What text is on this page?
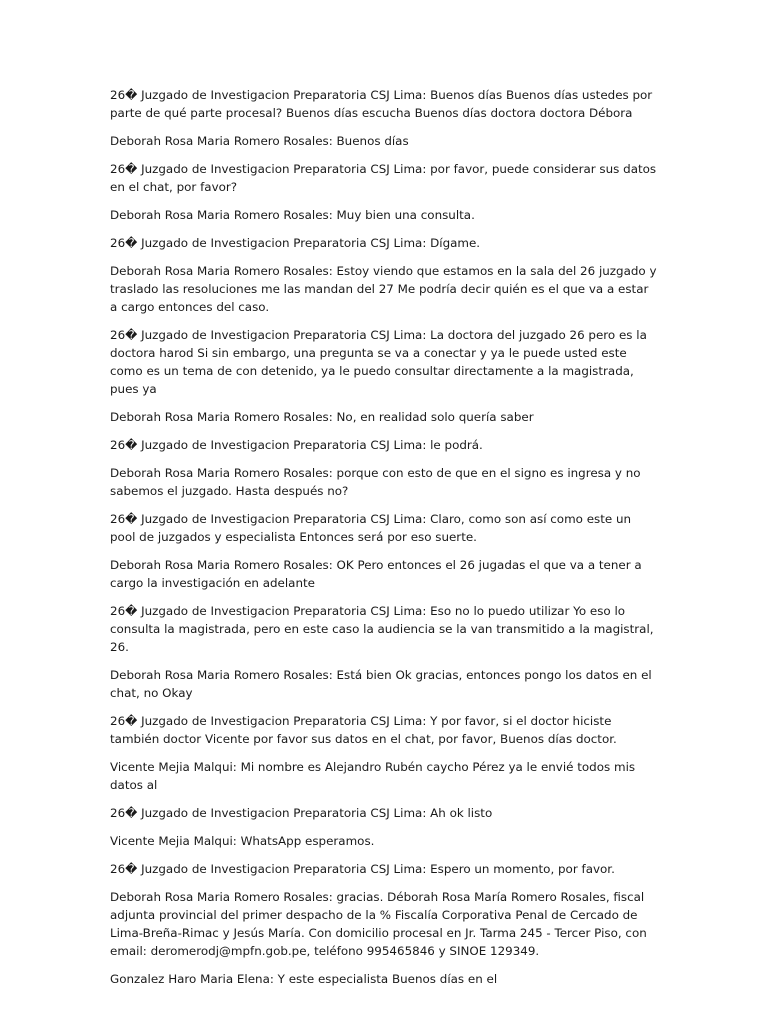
26� Juzgado de Investigacion Preparatoria CSJ Lima: Buenos días Buenos días ustedes por parte de qué parte procesal? Buenos días escucha Buenos días doctora doctora Débora

Deborah Rosa Maria Romero Rosales: Buenos días

26� Juzgado de Investigacion Preparatoria CSJ Lima: por favor, puede considerar sus datos en el chat, por favor?

Deborah Rosa Maria Romero Rosales: Muy bien una consulta.

26� Juzgado de Investigacion Preparatoria CSJ Lima: Dígame.

Deborah Rosa Maria Romero Rosales: Estoy viendo que estamos en la sala del 26 juzgado y traslado las resoluciones me las mandan del 27 Me podría decir quién es el que va a estar a cargo entonces del caso.

26� Juzgado de Investigacion Preparatoria CSJ Lima: La doctora del juzgado 26 pero es la doctora harod Si sin embargo, una pregunta se va a conectar y ya le puede usted este como es un tema de con detenido, ya le puedo consultar directamente a la magistrada, pues ya

Deborah Rosa Maria Romero Rosales: No, en realidad solo quería saber

26� Juzgado de Investigacion Preparatoria CSJ Lima: le podrá.

Deborah Rosa Maria Romero Rosales: porque con esto de que en el signo es ingresa y no sabemos el juzgado. Hasta después no?

26� Juzgado de Investigacion Preparatoria CSJ Lima: Claro, como son así como este un pool de juzgados y especialista Entonces será por eso suerte.

Deborah Rosa Maria Romero Rosales: OK Pero entonces el 26 jugadas el que va a tener a cargo la investigación en adelante

26� Juzgado de Investigacion Preparatoria CSJ Lima: Eso no lo puedo utilizar Yo eso lo consulta la magistrada, pero en este caso la audiencia se la van transmitido a la magistral, 26.

Deborah Rosa Maria Romero Rosales: Está bien Ok gracias, entonces pongo los datos en el chat, no Okay

26� Juzgado de Investigacion Preparatoria CSJ Lima: Y por favor, si el doctor hiciste también doctor Vicente por favor sus datos en el chat, por favor, Buenos días doctor.

Vicente Mejia Malqui: Mi nombre es Alejandro Rubén caycho Pérez ya le envié todos mis datos al

26� Juzgado de Investigacion Preparatoria CSJ Lima: Ah ok listo

Vicente Mejia Malqui: WhatsApp esperamos.

26� Juzgado de Investigacion Preparatoria CSJ Lima: Espero un momento, por favor.

Deborah Rosa Maria Romero Rosales: gracias. Déborah Rosa María Romero Rosales, fiscal adjunta provincial del primer despacho de la % Fiscalía Corporativa Penal de Cercado de Lima-Breña-Rimac y Jesús María. Con domicilio procesal en Jr. Tarma 245 - Tercer Piso, con email: deromerodj@mpfn.gob.pe, teléfono 995465846 y SINOE 129349.

Gonzalez Haro Maria Elena: Y este especialista Buenos días en el
